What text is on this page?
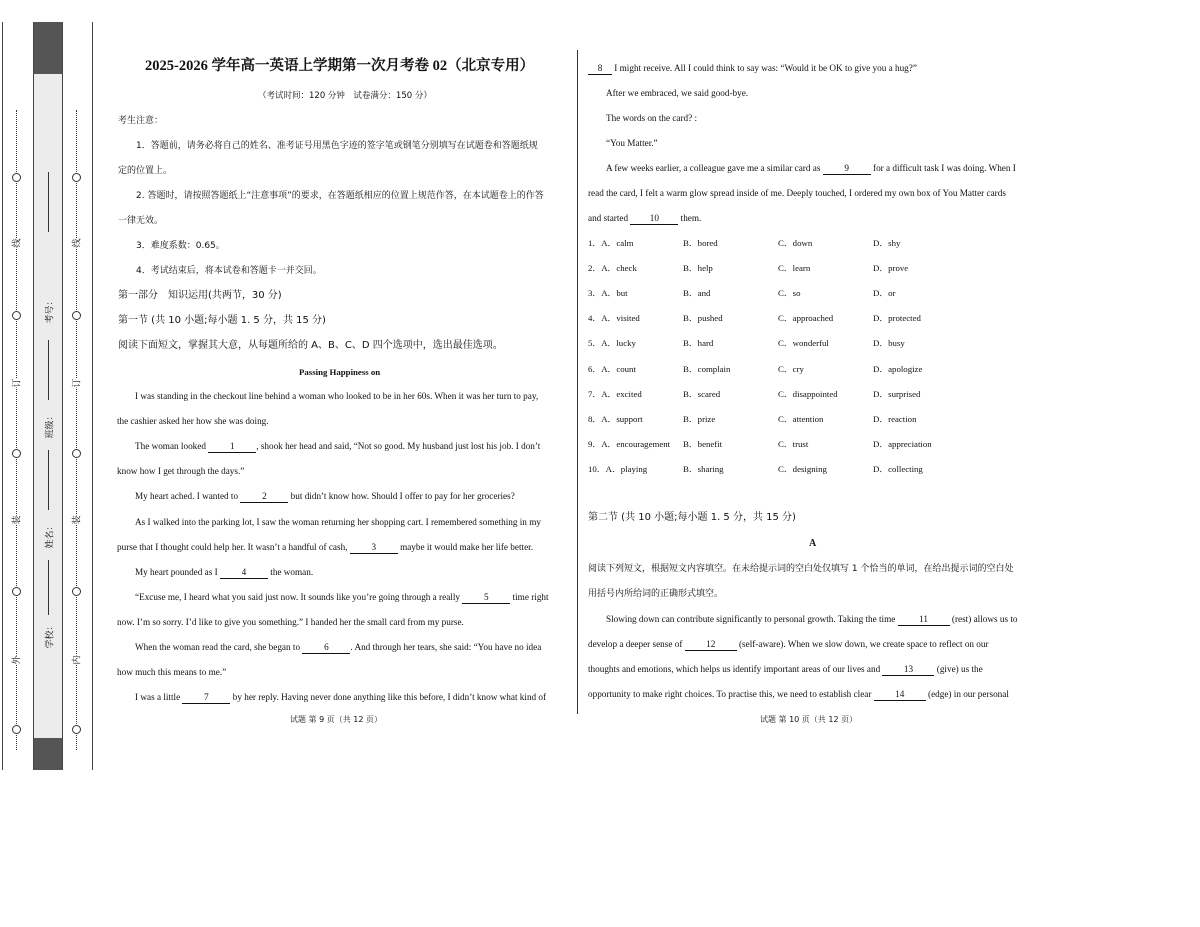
线
订
装
外
线
订
装
内
考号：
班级：
姓名：
学校：
2025-2026 学年高一英语上学期第一次月考卷 02（北京专用）
（考试时间：120 分钟　试卷满分：150 分）
考生注意：
1．答题前，请务必将自己的姓名、准考证号用黑色字迹的签字笔或钢笔分别填写在试题卷和答题纸规
定的位置上。
2. 答题时，请按照答题纸上“注意事项”的要求，在答题纸相应的位置上规范作答，在本试题卷上的作答
一律无效。
3．难度系数：0.65。
4．考试结束后，将本试卷和答题卡一并交回。
第一部分　知识运用(共两节，30 分)
第一节 (共 10 小题;每小题 1. 5 分，共 15 分)
阅读下面短文，掌握其大意，从每题所给的 A、B、C、D 四个选项中，选出最佳选项。
Passing Happiness on
I was standing in the checkout line behind a woman who looked to be in her 60s. When it was her turn to pay,
the cashier asked her how she was doing.
The woman looked 1 , shook her head and said, “Not so good. My husband just lost his job. I don’t
know how I get through the days.”
My heart ached. I wanted to 2 but didn’t know how. Should I offer to pay for her groceries?
As I walked into the parking lot, I saw the woman returning her shopping cart. I remembered something in my
purse that I thought could help her. It wasn’t a handful of cash, 3 maybe it would make her life better.
My heart pounded as I 4 the woman.
“Excuse me, I heard what you said just now. It sounds like you’re going through a really 5 time right
now. I’m so sorry. I’d like to give you something.” I handed her the small card from my purse.
When the woman read the card, she began to 6 . And through her tears, she said: “You have no idea
how much this means to me.”
I was a little 7 by her reply. Having never done anything like this before, I didn’t know what kind of
试题 第 9 页（共 12 页）
8 I might receive. All I could think to say was: “Would it be OK to give you a hug?”
After we embraced, we said good-bye.
The words on the card? :
“You Matter.”
A few weeks earlier, a colleague gave me a similar card as 9 for a difficult task I was doing. When I
read the card, I felt a warm glow spread inside of me. Deeply touched, I ordered my own box of You Matter cards
and started 10 them.
1．A．calm	B．bored	C．down	D．shy
2．A．check	B．help	C．learn	D．prove
3．A．but	B．and	C．so	D．or
4．A．visited	B．pushed	C．approached	D．protected
5．A．lucky	B．hard	C．wonderful	D．busy
6．A．count	B．complain	C．cry	D．apologize
7．A．excited	B．scared	C．disappointed	D．surprised
8．A．support	B．prize	C．attention	D．reaction
9．A．encouragement B．benefit	C．trust	D．appreciation
10．A．playing	B．sharing	C．designing	D．collecting
第二节 (共 10 小题;每小题 1. 5 分，共 15 分)
A
阅读下列短文，根据短文内容填空。在未给提示词的空白处仅填写 1 个恰当的单词，在给出提示词的空白处
用括号内所给词的正确形式填空。
Slowing down can contribute significantly to personal growth. Taking the time 11 (rest) allows us to
develop a deeper sense of 12 (self-aware). When we slow down, we create space to reflect on our
thoughts and emotions, which helps us identify important areas of our lives and 13 (give) us the
opportunity to make right choices. To practise this, we need to establish clear 14 (edge) in our personal
试题 第 10 页（共 12 页）
